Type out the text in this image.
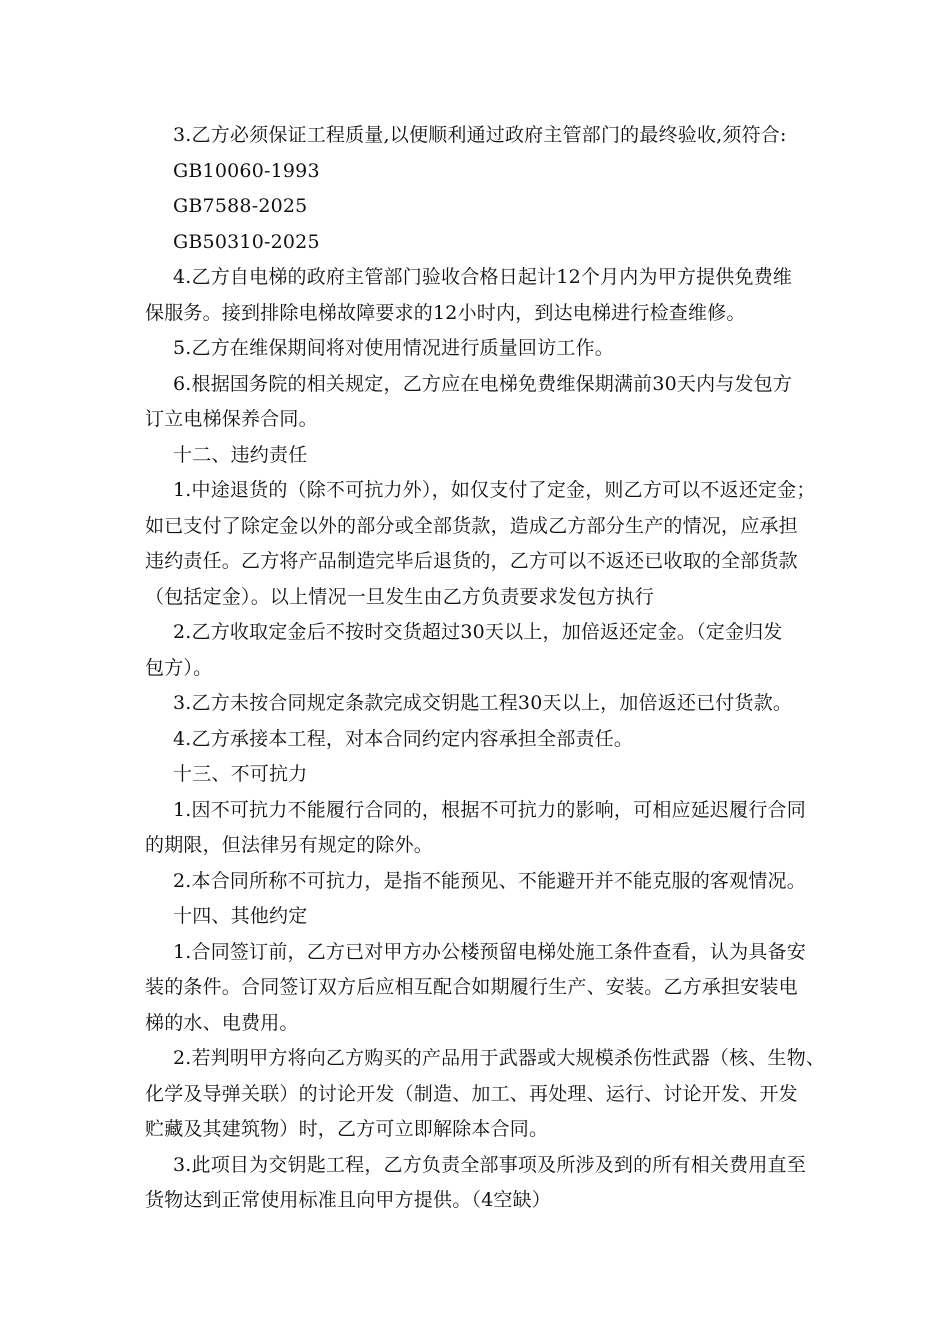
3.乙方必须保证工程质量,以便顺利通过政府主管部门的最终验收,须符合:
GB10060-1993
GB7588-2025
GB50310-2025
4.乙方自电梯的政府主管部门验收合格日起计12个月内为甲方提供免费维
保服务。接到排除电梯故障要求的12小时内，到达电梯进行检查维修。
5.乙方在维保期间将对使用情况进行质量回访工作。
6.根据国务院的相关规定，乙方应在电梯免费维保期满前30天内与发包方
订立电梯保养合同。
十二、违约责任
1.中途退货的（除不可抗力外），如仅支付了定金，则乙方可以不返还定金；
如已支付了除定金以外的部分或全部货款，造成乙方部分生产的情况，应承担
违约责任。乙方将产品制造完毕后退货的，乙方可以不返还已收取的全部货款
（包括定金）。以上情况一旦发生由乙方负责要求发包方执行
2.乙方收取定金后不按时交货超过30天以上，加倍返还定金。（定金归发
包方）。
3.乙方未按合同规定条款完成交钥匙工程30天以上，加倍返还已付货款。
4.乙方承接本工程，对本合同约定内容承担全部责任。
十三、不可抗力
1.因不可抗力不能履行合同的，根据不可抗力的影响，可相应延迟履行合同
的期限，但法律另有规定的除外。
2.本合同所称不可抗力，是指不能预见、不能避开并不能克服的客观情况。
十四、其他约定
1.合同签订前，乙方已对甲方办公楼预留电梯处施工条件查看，认为具备安
装的条件。合同签订双方后应相互配合如期履行生产、安装。乙方承担安装电
梯的水、电费用。
2.若判明甲方将向乙方购买的产品用于武器或大规模杀伤性武器（核、生物、
化学及导弹关联）的讨论开发（制造、加工、再处理、运行、讨论开发、开发
贮藏及其建筑物）时，乙方可立即解除本合同。
3.此项目为交钥匙工程，乙方负责全部事项及所涉及到的所有相关费用直至
货物达到正常使用标准且向甲方提供。（4空缺）
